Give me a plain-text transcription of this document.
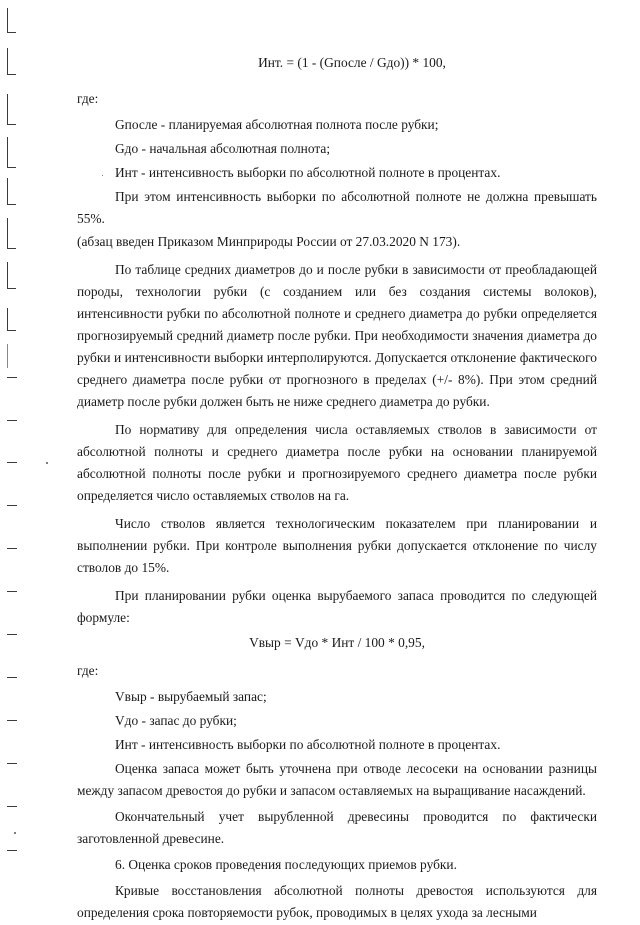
Инт. = (1 - (Gпосле / Gдо)) * 100,

где:

Gпосле - планируемая абсолютная полнота после рубки;

Gдо - начальная абсолютная полнота;

Инт - интенсивность выборки по абсолютной полноте в процентах.

При этом интенсивность выборки по абсолютной полноте не должна превышать 55%.

(абзац введен Приказом Минприроды России от 27.03.2020 N 173).

По таблице средних диаметров до и после рубки в зависимости от преобладающей породы, технологии рубки (с созданием или без создания системы волоков), интенсивности рубки по абсолютной полноте и среднего диаметра до рубки определяется прогнозируемый средний диаметр после рубки. При необходимости значения диаметра до рубки и интенсивности выборки интерполируются. Допускается отклонение фактического среднего диаметра после рубки от прогнозного в пределах (+/- 8%). При этом средний диаметр после рубки должен быть не ниже среднего диаметра до рубки.

По нормативу для определения числа оставляемых стволов в зависимости от абсолютной полноты и среднего диаметра после рубки на основании планируемой абсолютной полноты после рубки и прогнозируемого среднего диаметра после рубки определяется число оставляемых стволов на га.

Число стволов является технологическим показателем при планировании и выполнении рубки. При контроле выполнения рубки допускается отклонение по числу стволов до 15%.

При планировании рубки оценка вырубаемого запаса проводится по следующей формуле:

Vвыр = Vдо * Инт / 100 * 0,95,

где:

Vвыр - вырубаемый запас;

Vдо - запас до рубки;

Инт - интенсивность выборки по абсолютной полноте в процентах.

Оценка запаса может быть уточнена при отводе лесосеки на основании разницы между запасом древостоя до рубки и запасом оставляемых на выращивание насаждений.

Окончательный учет вырубленной древесины проводится по фактически заготовленной древесине.

6. Оценка сроков проведения последующих приемов рубки.

Кривые восстановления абсолютной полноты древостоя используются для определения срока повторяемости рубок, проводимых в целях ухода за лесными
